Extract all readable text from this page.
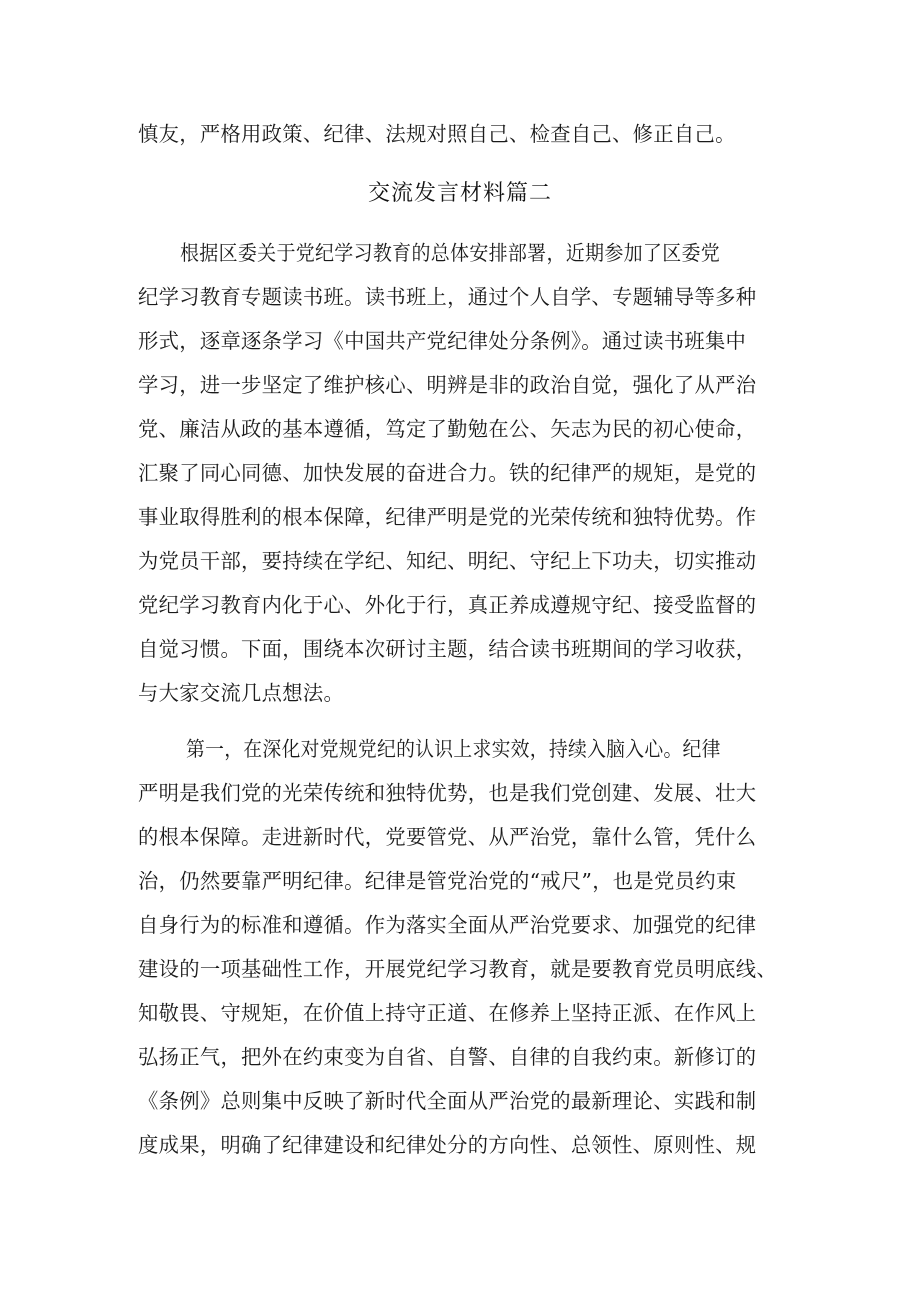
慎友，严格用政策、纪律、法规对照自己、检查自己、修正自己。
交流发言材料篇二
根据区委关于党纪学习教育的总体安排部署，近期参加了区委党
纪学习教育专题读书班。读书班上，通过个人自学、专题辅导等多种
形式，逐章逐条学习《中国共产党纪律处分条例》。通过读书班集中
学习，进一步坚定了维护核心、明辨是非的政治自觉，强化了从严治
党、廉洁从政的基本遵循，笃定了勤勉在公、矢志为民的初心使命，
汇聚了同心同德、加快发展的奋进合力。铁的纪律严的规矩，是党的
事业取得胜利的根本保障，纪律严明是党的光荣传统和独特优势。作
为党员干部，要持续在学纪、知纪、明纪、守纪上下功夫，切实推动
党纪学习教育内化于心、外化于行，真正养成遵规守纪、接受监督的
自觉习惯。下面，围绕本次研讨主题，结合读书班期间的学习收获，
与大家交流几点想法。
第一，在深化对党规党纪的认识上求实效，持续入脑入心。纪律
严明是我们党的光荣传统和独特优势，也是我们党创建、发展、壮大
的根本保障。走进新时代，党要管党、从严治党，靠什么管，凭什么
治，仍然要靠严明纪律。纪律是管党治党的“戒尺”，也是党员约束
自身行为的标准和遵循。作为落实全面从严治党要求、加强党的纪律
建设的一项基础性工作，开展党纪学习教育，就是要教育党员明底线、
知敬畏、守规矩，在价值上持守正道、在修养上坚持正派、在作风上
弘扬正气，把外在约束变为自省、自警、自律的自我约束。新修订的
《条例》总则集中反映了新时代全面从严治党的最新理论、实践和制
度成果，明确了纪律建设和纪律处分的方向性、总领性、原则性、规
